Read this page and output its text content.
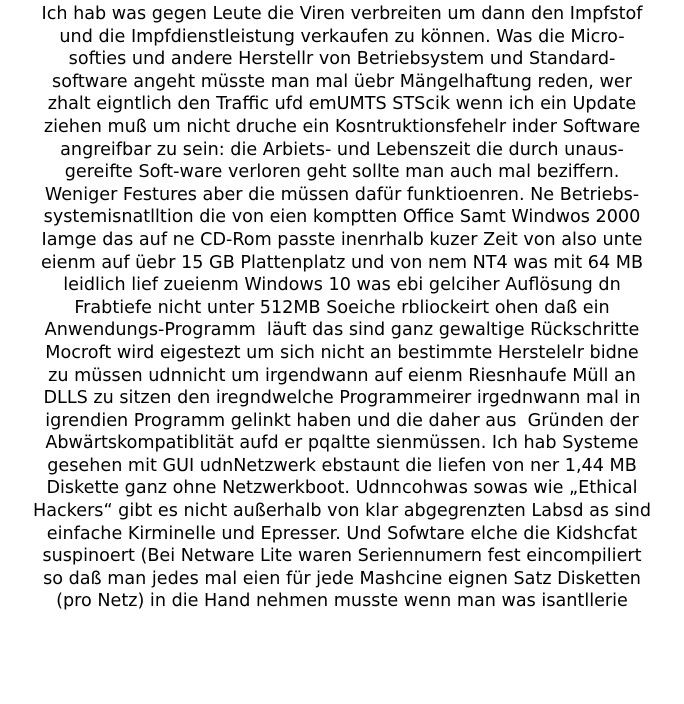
Ich hab was gegen Leute die Viren verbreiten um dann den Impfstof
und die Impfdienstleistung verkaufen zu können. Was die Micro-
softies und andere Herstellr von Betriebsystem und Standard-
software angeht müsste man mal üebr Mängelhaftung reden, wer
zhalt eigntlich den Traffic ufd emUMTS STScik wenn ich ein Update
ziehen muß um nicht druche ein Kosntruktionsfehelr inder Software
angreifbar zu sein: die Arbiets- und Lebenszeit die durch unaus-
gereifte Soft-ware verloren geht sollte man auch mal beziffern.
Weniger Festures aber die müssen dafür funktioenren. Ne Betriebs-
systemisnatlltion die von eien komptten Office Samt Windwos 2000
Iamge das auf ne CD-Rom passte inenrhalb kuzer Zeit von also unte
eienm auf üebr 15 GB Plattenplatz und von nem NT4 was mit 64 MB
leidlich lief zueienm Windows 10 was ebi gelciher Auflösung dn
Frabtiefe nicht unter 512MB Soeiche rbliockeirt ohen daß ein
Anwendungs-Programm  läuft das sind ganz gewaltige Rückschritte
Mocroft wird eigestezt um sich nicht an bestimmte Herstelelr bidne
zu müssen udnnicht um irgendwann auf eienm Riesnhaufe Müll an
DLLS zu sitzen den iregndwelche Programmeirer irgednwann mal in
igrendien Programm gelinkt haben und die daher aus  Gründen der
Abwärtskompatiblität aufd er pqaltte sienmüssen. Ich hab Systeme
gesehen mit GUI udnNetzwerk ebstaunt die liefen von ner 1,44 MB
Diskette ganz ohne Netzwerkboot. Udnncohwas sowas wie „Ethical
Hackers“ gibt es nicht außerhalb von klar abgegrenzten Labsd as sind
einfache Kirminelle und Epresser. Und Sofwtare elche die Kidshcfat
suspinoert (Bei Netware Lite waren Seriennumern fest eincompiliert
so daß man jedes mal eien für jede Mashcine eignen Satz Disketten
(pro Netz) in die Hand nehmen musste wenn man was isantllerie
